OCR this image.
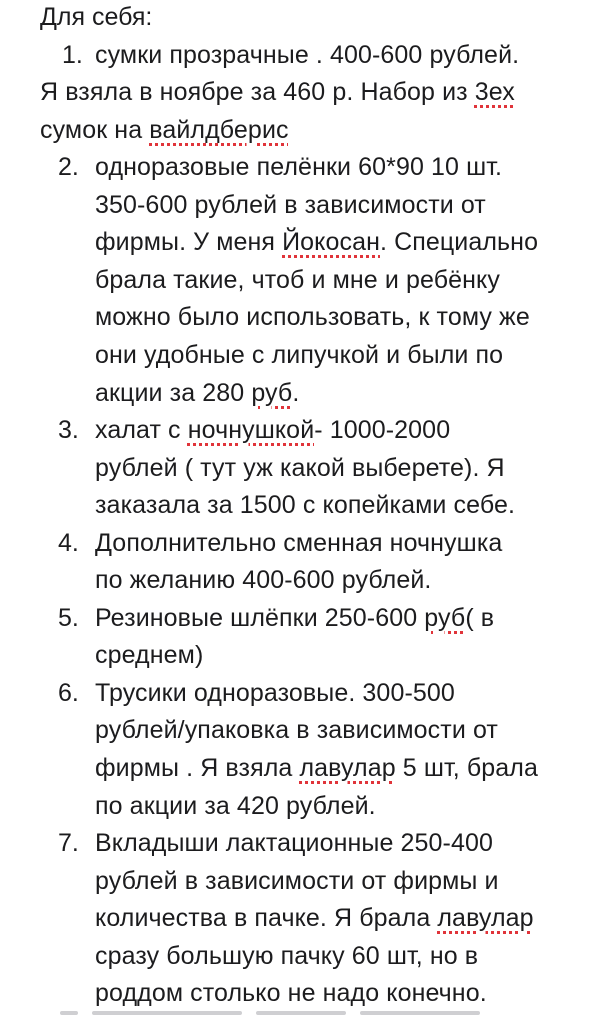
Для себя:
1. сумки прозрачные . 400-600 рублей.
Я взяла в ноябре за 460 р. Набор из 3ех
сумок на вайлдберис
2. одноразовые пелёнки 60*90 10 шт.
350-600 рублей в зависимости от
фирмы. У меня Йокосан. Специально
брала такие, чтоб и мне и ребёнку
можно было использовать, к тому же
они удобные с липучкой и были по
акции за 280 руб.
3. халат с ночнушкой- 1000-2000
рублей ( тут уж какой выберете). Я
заказала за 1500 с копейками себе.
4. Дополнительно сменная ночнушка
по желанию 400-600 рублей.
5. Резиновые шлёпки 250-600 руб( в
среднем)
6. Трусики одноразовые. 300-500
рублей/упаковка в зависимости от
фирмы . Я взяла лавулар 5 шт, брала
по акции за 420 рублей.
7. Вкладыши лактационные 250-400
рублей в зависимости от фирмы и
количества в пачке. Я брала лавулар
сразу большую пачку 60 шт, но в
роддом столько не надо конечно.
